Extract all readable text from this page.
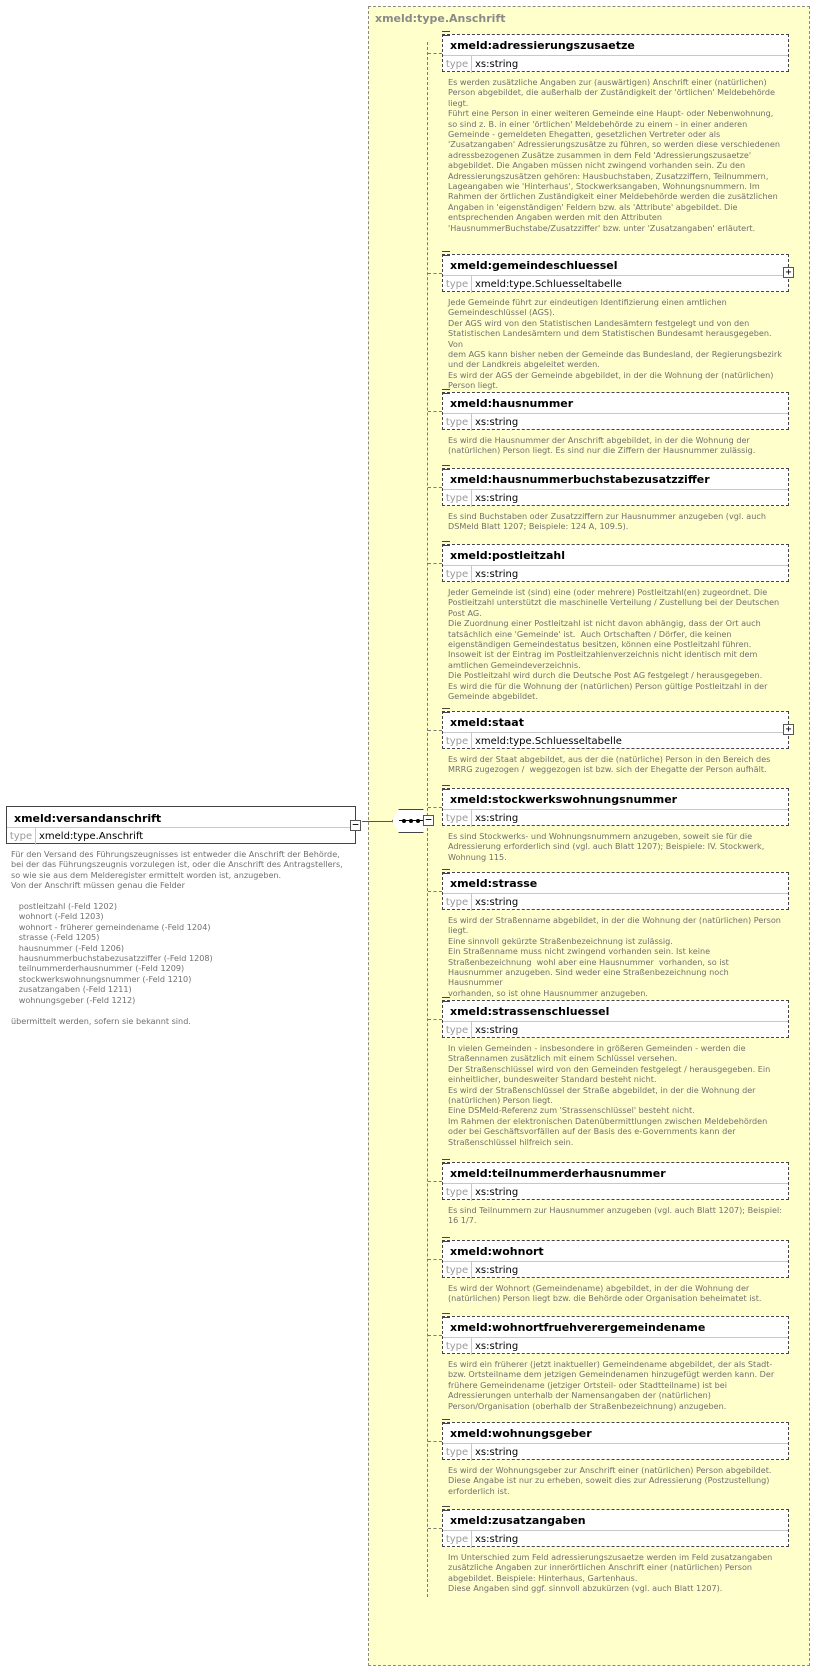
xmeld:type.Anschrift
xmeld:versandanschrift
type xmeld:type.Anschrift
−
Für den Versand des Führungszeugnisses ist entweder die Anschrift der Behörde,
bei der das Führungszeugnis vorzulegen ist, oder die Anschrift des Antragstellers,
so wie sie aus dem Melderegister ermittelt worden ist, anzugeben.
Von der Anschrift müssen genau die Felder

postleitzahl (-Feld 1202)
wohnort (-Feld 1203)
wohnort - früherer gemeindename (-Feld 1204)
strasse (-Feld 1205)
hausnummer (-Feld 1206)
hausnummerbuchstabezusatzziffer (-Feld 1208)
teilnummerderhausnummer (-Feld 1209)
stockwerkswohnungsnummer (-Feld 1210)
zusatzangaben (-Feld 1211)
wohnungsgeber (-Feld 1212)

übermittelt werden, sofern sie bekannt sind.
−
xmeld:adressierungszusaetze
type xs:string
Es werden zusätzliche Angaben zur (auswärtigen) Anschrift einer (natürlichen)
Person abgebildet, die außerhalb der Zuständigkeit der 'örtlichen' Meldebehörde
liegt.
Führt eine Person in einer weiteren Gemeinde eine Haupt- oder Nebenwohnung,
so sind z. B. in einer 'örtlichen' Meldebehörde zu einem - in einer anderen
Gemeinde - gemeldeten Ehegatten, gesetzlichen Vertreter oder als
'Zusatzangaben' Adressierungszusätze zu führen, so werden diese verschiedenen
adressbezogenen Zusätze zusammen in dem Feld 'Adressierungszusaetze'
abgebildet. Die Angaben müssen nicht zwingend vorhanden sein. Zu den
Adressierungszusätzen gehören: Hausbuchstaben, Zusatzziffern, Teilnummern,
Lageangaben wie 'Hinterhaus', Stockwerksangaben, Wohnungsnummern. Im
Rahmen der örtlichen Zuständigkeit einer Meldebehörde werden die zusätzlichen
Angaben in 'eigenständigen' Feldern bzw. als 'Attribute' abgebildet. Die
entsprechenden Angaben werden mit den Attributen
'HausnummerBuchstabe/Zusatzziffer' bzw. unter 'Zusatzangaben' erläutert.
xmeld:gemeindeschluessel
type xmeld:type.Schluesseltabelle
+
Jede Gemeinde führt zur eindeutigen Identifizierung einen amtlichen
Gemeindeschlüssel (AGS).
Der AGS wird von den Statistischen Landesämtern festgelegt und von den
Statistischen Landesämtern und dem Statistischen Bundesamt herausgegeben. Von
dem AGS kann bisher neben der Gemeinde das Bundesland, der Regierungsbezirk
und der Landkreis abgeleitet werden.
Es wird der AGS der Gemeinde abgebildet, in der die Wohnung der (natürlichen)
Person liegt.
xmeld:hausnummer
type xs:string
Es wird die Hausnummer der Anschrift abgebildet, in der die Wohnung der
(natürlichen) Person liegt. Es sind nur die Ziffern der Hausnummer zulässig.
xmeld:hausnummerbuchstabezusatzziffer
type xs:string
Es sind Buchstaben oder Zusatzziffern zur Hausnummer anzugeben (vgl. auch
DSMeld Blatt 1207; Beispiele: 124 A, 109.5).
xmeld:postleitzahl
type xs:string
Jeder Gemeinde ist (sind) eine (oder mehrere) Postleitzahl(en) zugeordnet. Die
Postleitzahl unterstützt die maschinelle Verteilung / Zustellung bei der Deutschen
Post AG.
Die Zuordnung einer Postleitzahl ist nicht davon abhängig, dass der Ort auch
tatsächlich eine 'Gemeinde' ist.  Auch Ortschaften / Dörfer, die keinen
eigenständigen Gemeindestatus besitzen, können eine Postleitzahl führen.
Insoweit ist der Eintrag im Postleitzahlenverzeichnis nicht identisch mit dem
amtlichen Gemeindeverzeichnis.
Die Postleitzahl wird durch die Deutsche Post AG festgelegt / herausgegeben.
Es wird die für die Wohnung der (natürlichen) Person gültige Postleitzahl in der
Gemeinde abgebildet.
xmeld:staat
type xmeld:type.Schluesseltabelle
+
Es wird der Staat abgebildet, aus der die (natürliche) Person in den Bereich des
MRRG zugezogen /  weggezogen ist bzw. sich der Ehegatte der Person aufhält.
xmeld:stockwerkswohnungsnummer
type xs:string
Es sind Stockwerks- und Wohnungsnummern anzugeben, soweit sie für die
Adressierung erforderlich sind (vgl. auch Blatt 1207); Beispiele: IV. Stockwerk,
Wohnung 115.
xmeld:strasse
type xs:string
Es wird der Straßenname abgebildet, in der die Wohnung der (natürlichen) Person
liegt.
Eine sinnvoll gekürzte Straßenbezeichnung ist zulässig.
Ein Straßenname muss nicht zwingend vorhanden sein. Ist keine
Straßenbezeichnung  wohl aber eine Hausnummer  vorhanden, so ist
Hausnummer anzugeben. Sind weder eine Straßenbezeichnung noch Hausnummer
vorhanden, so ist ohne Hausnummer anzugeben.
xmeld:strassenschluessel
type xs:string
In vielen Gemeinden - insbesondere in größeren Gemeinden - werden die
Straßennamen zusätzlich mit einem Schlüssel versehen.
Der Straßenschlüssel wird von den Gemeinden festgelegt / herausgegeben. Ein
einheitlicher, bundesweiter Standard besteht nicht.
Es wird der Straßenschlüssel der Straße abgebildet, in der die Wohnung der
(natürlichen) Person liegt.
Eine DSMeld-Referenz zum 'Strassenschlüssel' besteht nicht.
Im Rahmen der elektronischen Datenübermittlungen zwischen Meldebehörden
oder bei Geschäftsvorfällen auf der Basis des e-Governments kann der
Straßenschlüssel hilfreich sein.
xmeld:teilnummerderhausnummer
type xs:string
Es sind Teilnummern zur Hausnummer anzugeben (vgl. auch Blatt 1207); Beispiel:
16 1/7.
xmeld:wohnort
type xs:string
Es wird der Wohnort (Gemeindename) abgebildet, in der die Wohnung der
(natürlichen) Person liegt bzw. die Behörde oder Organisation beheimatet ist.
xmeld:wohnortfruehverergemeindename
type xs:string
Es wird ein früherer (jetzt inaktueller) Gemeindename abgebildet, der als Stadt-
bzw. Ortsteilname dem jetzigen Gemeindenamen hinzugefügt werden kann. Der
frühere Gemeindename (jetziger Ortsteil- oder Stadtteilname) ist bei
Adressierungen unterhalb der Namensangaben der (natürlichen)
Person/Organisation (oberhalb der Straßenbezeichnung) anzugeben.
xmeld:wohnungsgeber
type xs:string
Es wird der Wohnungsgeber zur Anschrift einer (natürlichen) Person abgebildet.
Diese Angabe ist nur zu erheben, soweit dies zur Adressierung (Postzustellung)
erforderlich ist.
xmeld:zusatzangaben
type xs:string
Im Unterschied zum Feld adressierungszusaetze werden im Feld zusatzangaben
zusätzliche Angaben zur innerörtlichen Anschrift einer (natürlichen) Person
abgebildet. Beispiele: Hinterhaus, Gartenhaus.
Diese Angaben sind ggf. sinnvoll abzukürzen (vgl. auch Blatt 1207).
